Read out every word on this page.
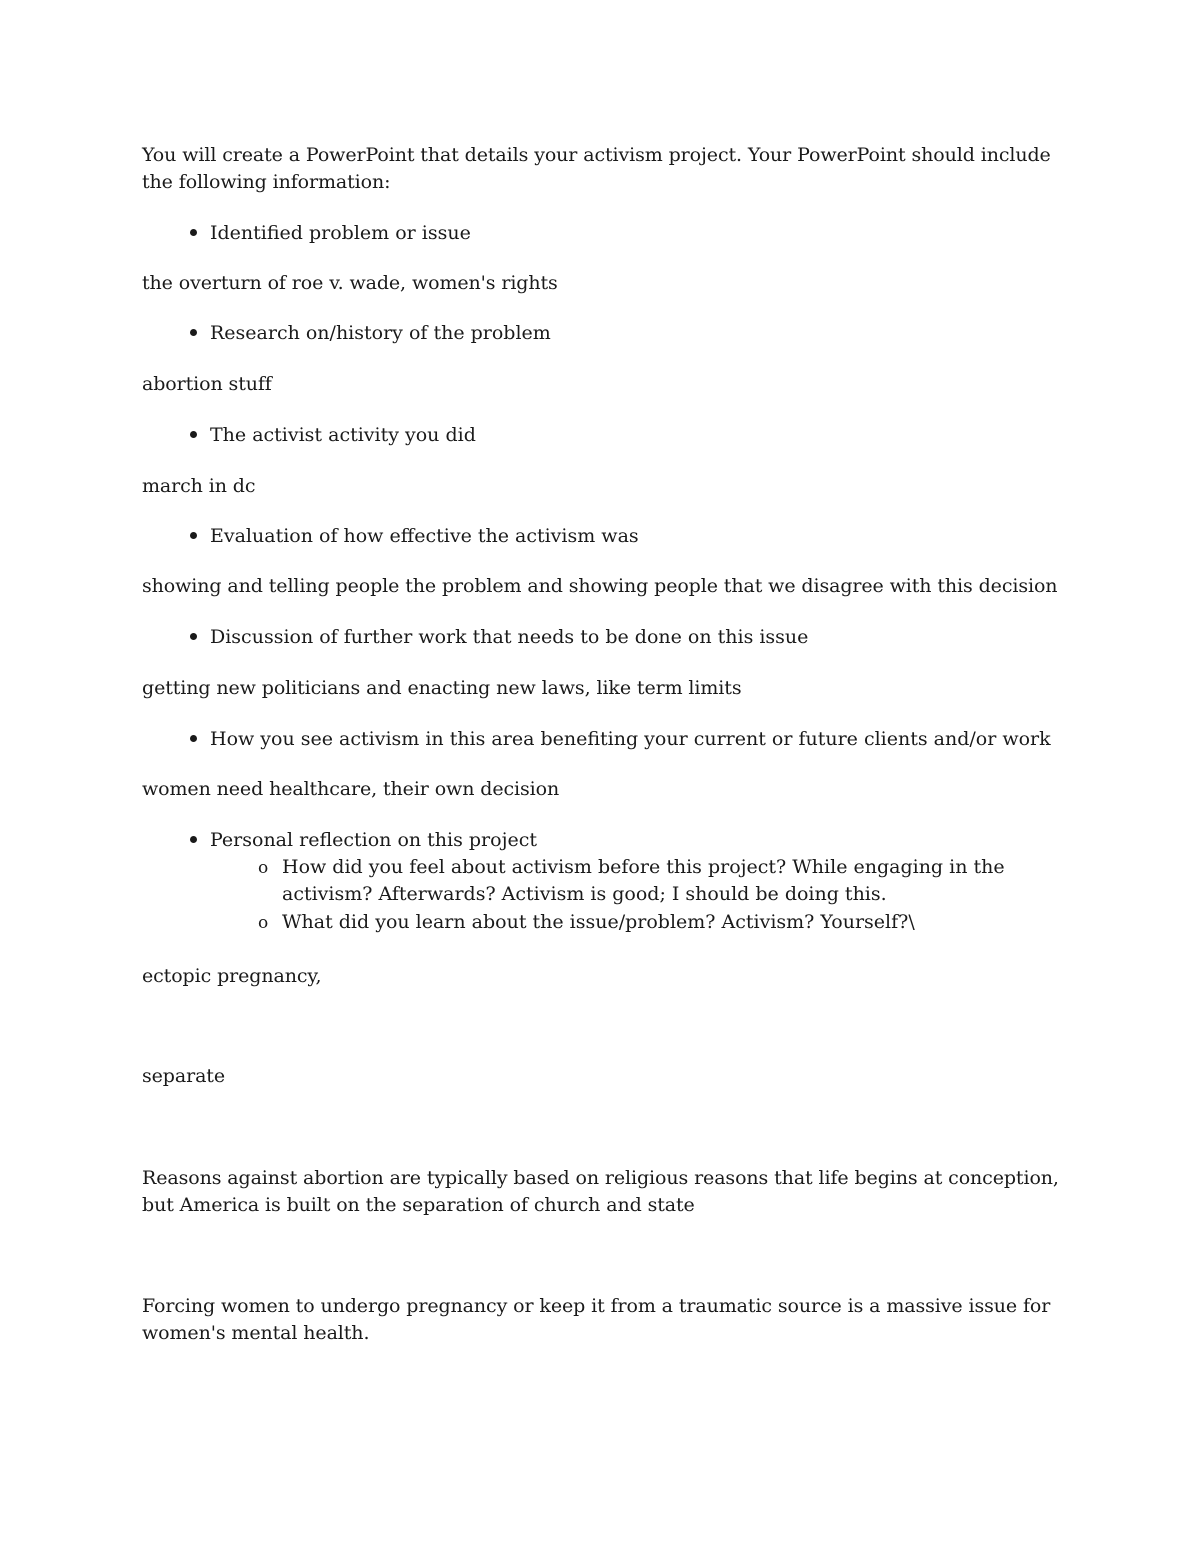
You will create a PowerPoint that details your activism project. Your PowerPoint should include

the following information:

Identified problem or issue

the overturn of roe v. wade, women's rights

Research on/history of the problem

abortion stuff

The activist activity you did

march in dc

Evaluation of how effective the activism was

showing and telling people the problem and showing people that we disagree with this decision

Discussion of further work that needs to be done on this issue

getting new politicians and enacting new laws, like term limits

How you see activism in this area benefiting your current or future clients and/or work

women need healthcare, their own decision

Personal reflection on this project

o How did you feel about activism before this project? While engaging in the

activism? Afterwards? Activism is good; I should be doing this.

o What did you learn about the issue/problem? Activism? Yourself?\

ectopic pregnancy,

separate

Reasons against abortion are typically based on religious reasons that life begins at conception,

but America is built on the separation of church and state

Forcing women to undergo pregnancy or keep it from a traumatic source is a massive issue for

women's mental health.
